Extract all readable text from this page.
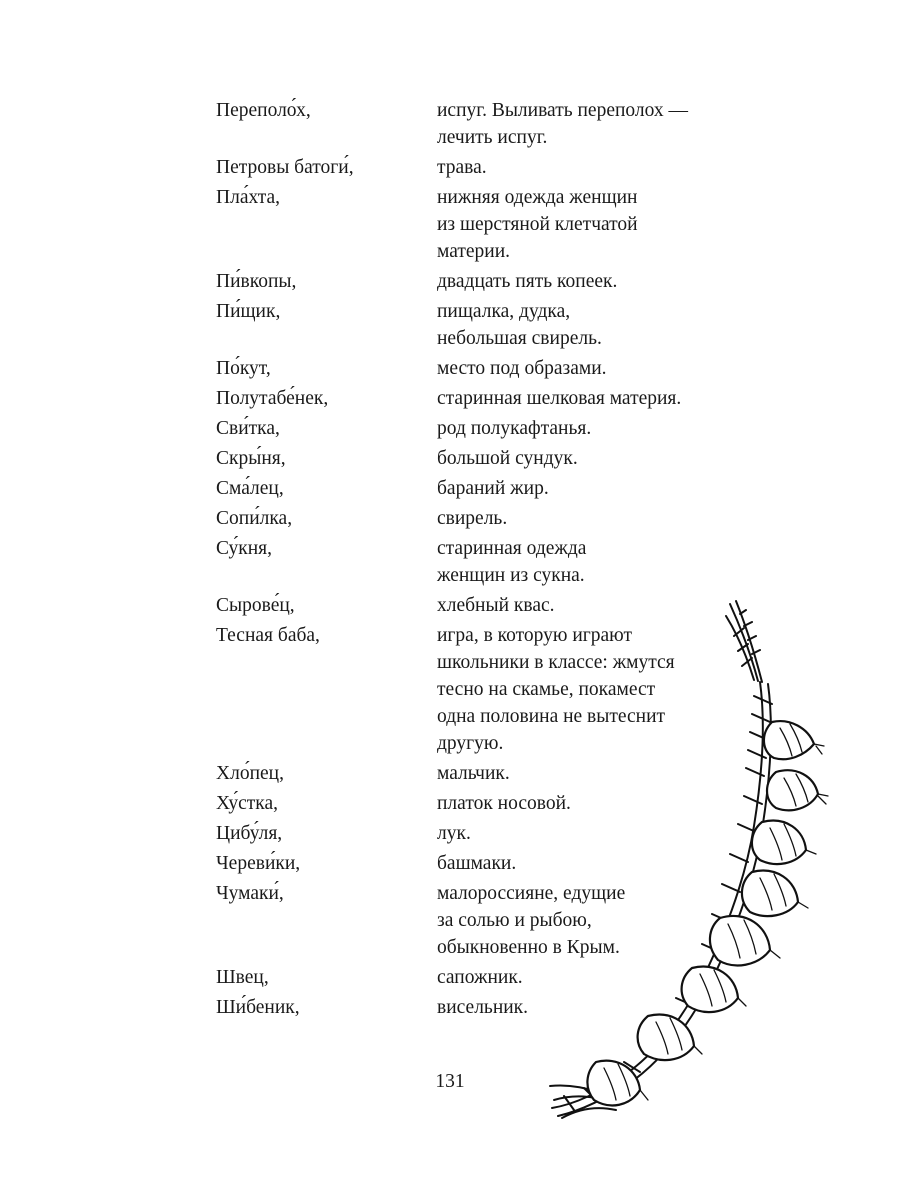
Переполо́х,	испуг. Выливать переполох —
лечить испуг.
Петровы батоги́,	трава.
Пла́хта,	нижняя одежда женщин
из шерстяной клетчатой
материи.
Пи́вкопы,	двадцать пять копеек.
Пи́щик,	пищалка, дудка,
небольшая свирель.
По́кут,	место под образами.
Полутабе́нек,	старинная шелковая материя.
Сви́тка,	род полукафтанья.
Скры́ня,	большой сундук.
Сма́лец,	бараний жир.
Сопи́лка,	свирель.
Су́кня,	старинная одежда
женщин из сукна.
Сырове́ц,	хлебный квас.
Тесная баба,	игра, в которую играют
школьники в классе: жмутся
тесно на скамье, покамест
одна половина не вытеснит
другую.
Хло́пец,	мальчик.
Ху́стка,	платок носовой.
Цибу́ля,	лук.
Череви́ки,	башмаки.
Чумаки́,	малороссияне, едущие
за солью и рыбою,
обыкновенно в Крым.
Швец,	сапожник.
Ши́беник,	висельник.
131
